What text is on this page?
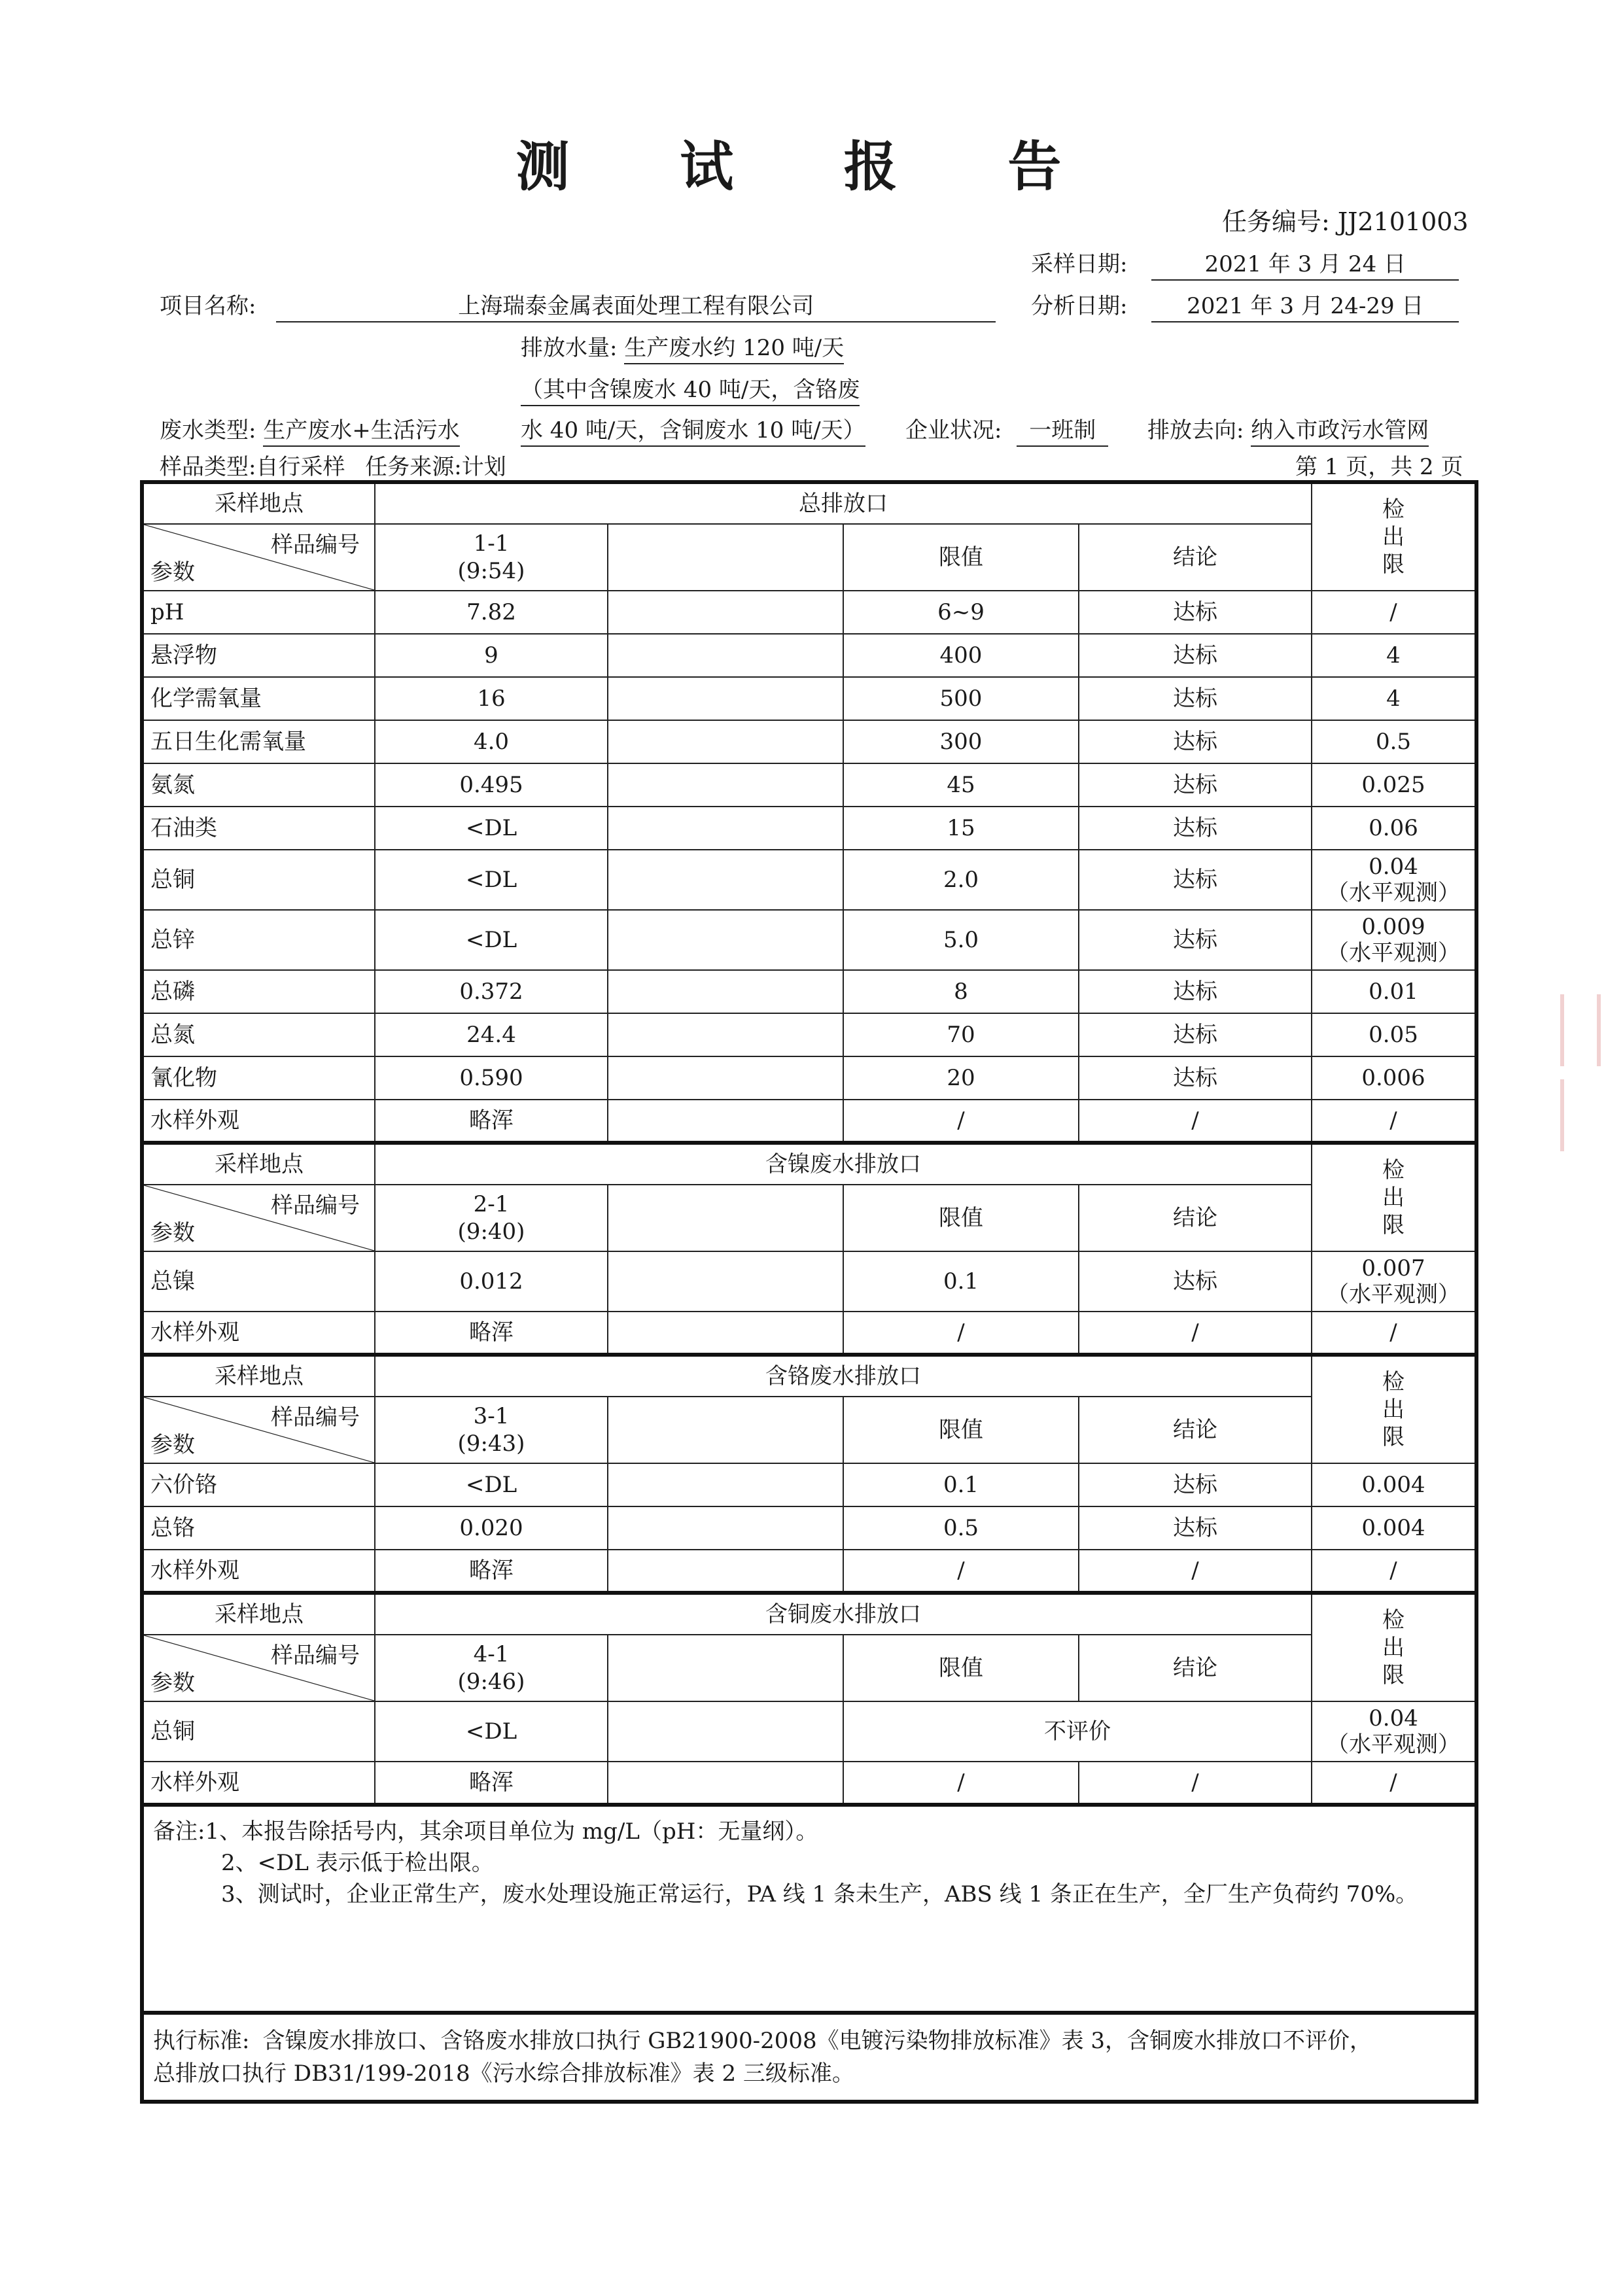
测 试 报 告
任务编号: JJ2101003
采样日期:	2021 年 3 月 24 日
项目名称:	上海瑞泰金属表面处理工程有限公司	分析日期:	2021 年 3 月 24-29 日
排放水量: 生产废水约 120 吨/天
（其中含镍废水 40 吨/天，含铬废
废水类型: 生产废水+生活污水	水 40 吨/天，含铜废水 10 吨/天） 企业状况: 一班制	排放去向: 纳入市政污水管网
样品类型:自行采样 任务来源:计划	第 1 页，共 2 页
采样地点	总排放口				检
出
限

样品编号
参数	1-1
(9:54)		限值	结论	
pH	7.82		6~9	达标	/

悬浮物	9		400	达标	4

化学需氧量	16		500	达标	4

五日生化需氧量	4.0		300	达标	0.5

氨氮	0.495		45	达标	0.025

石油类	<DL		15	达标	0.06

总铜	<DL		2.0	达标	0.04
（水平观测）

总锌	<DL		5.0	达标	0.009
（水平观测）

总磷	0.372		8	达标	0.01

总氮	24.4		70	达标	0.05

氰化物	0.590		20	达标	0.006

水样外观	略浑		/	/	/

采样地点	含镍废水排放口				检
出
限

样品编号
参数	2-1
(9:40)		限值	结论	
总镍	0.012		0.1	达标	0.007
（水平观测）

水样外观	略浑		/	/	/

采样地点	含铬废水排放口				检
出
限

样品编号
参数	3-1
(9:43)		限值	结论	
六价铬	<DL		0.1	达标	0.004

总铬	0.020		0.5	达标	0.004

水样外观	略浑		/	/	/

采样地点	含铜废水排放口				检
出
限

样品编号
参数	4-1
(9:46)		限值	结论	
总铜	<DL		不评价		0.04
（水平观测）

水样外观	略浑		/	/	/

备注:1、本报告除括号内，其余项目单位为 mg/L（pH：无量纲）。
2、<DL 表示低于检出限。
3、测试时，企业正常生产，废水处理设施正常运行，PA 线 1 条未生产，ABS 线 1 条正在生产，全厂生产负荷约 70%。					

执行标准: 含镍废水排放口、含铬废水排放口执行 GB21900-2008《电镀污染物排放标准》表 3，含铜废水排放口不评价，
总排放口执行 DB31/199-2018《污水综合排放标准》表 2 三级标准。					
